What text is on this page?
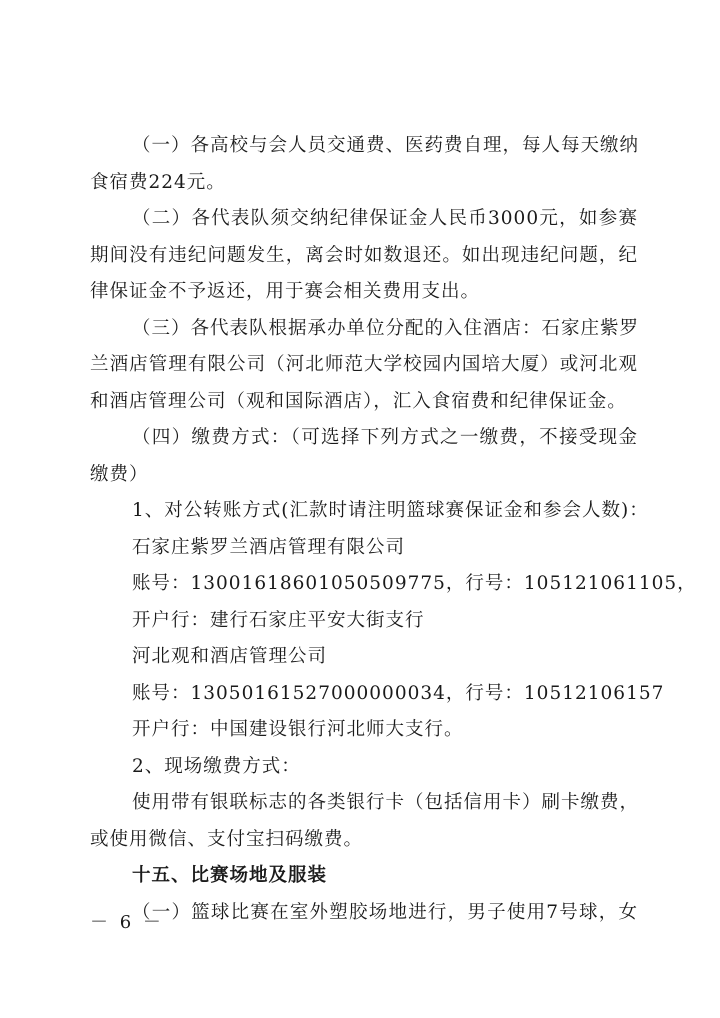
（一）各高校与会人员交通费、医药费自理，每人每天缴纳
食宿费224元。
（二）各代表队须交纳纪律保证金人民币3000元，如参赛
期间没有违纪问题发生，离会时如数退还。如出现违纪问题，纪
律保证金不予返还，用于赛会相关费用支出。
（三）各代表队根据承办单位分配的入住酒店：石家庄紫罗
兰酒店管理有限公司（河北师范大学校园内国培大厦）或河北观
和酒店管理公司（观和国际酒店），汇入食宿费和纪律保证金。
（四）缴费方式：（可选择下列方式之一缴费，不接受现金
缴费）
1、对公转账方式(汇款时请注明篮球赛保证金和参会人数)：
石家庄紫罗兰酒店管理有限公司
账号：13001618601050509775，行号：105121061105，
开户行：建行石家庄平安大街支行
河北观和酒店管理公司
账号：13050161527000000034，行号：10512106157
开户行：中国建设银行河北师大支行。
2、现场缴费方式：
使用带有银联标志的各类银行卡（包括信用卡）刷卡缴费，
或使用微信、支付宝扫码缴费。
十五、比赛场地及服装
（一）篮球比赛在室外塑胶场地进行，男子使用7号球，女
－ 6 －
